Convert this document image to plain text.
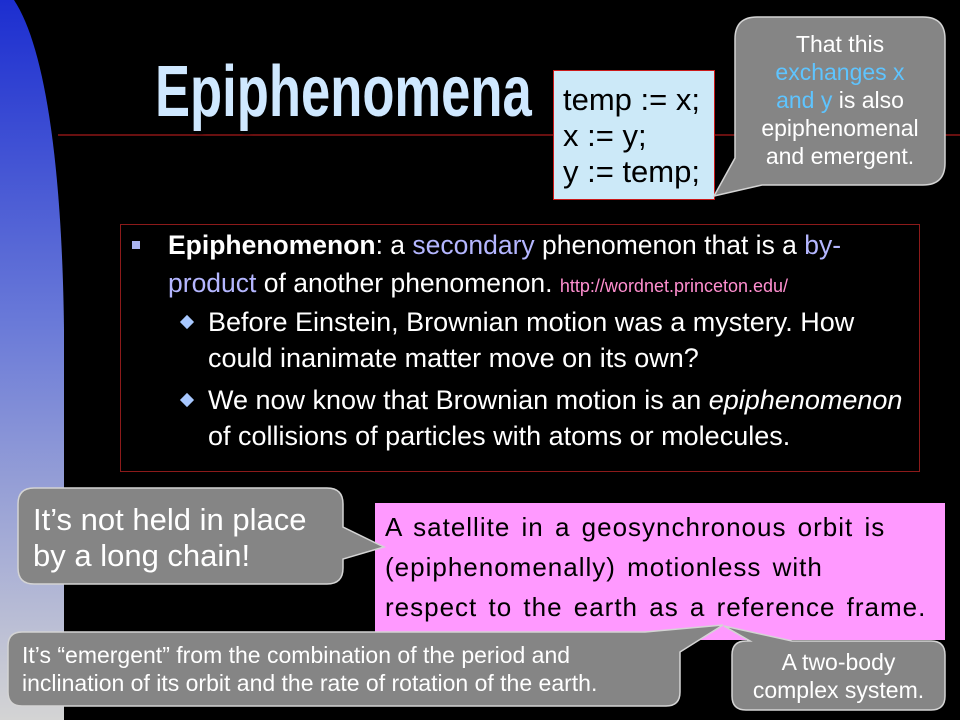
Epiphenomena temp := x;
x := y;
y := temp;
Epiphenomenon: a secondary phenomenon that is a by-
product of another phenomenon. http://wordnet.princeton.edu/
Before Einstein, Brownian motion was a mystery. How
could inanimate matter move on its own?
We now know that Brownian motion is an epiphenomenon
of collisions of particles with atoms or molecules.
A satellite in a geosynchronous orbit is
(epiphenomenally) motionless with
respect to the earth as a reference frame.
That this
exchanges x
and y is also
epiphenomenal
and emergent.
It’s not held in place
by a long chain!
It’s “emergent” from the combination of the period and
inclination of its orbit and the rate of rotation of the earth.
A two-body
complex system.
